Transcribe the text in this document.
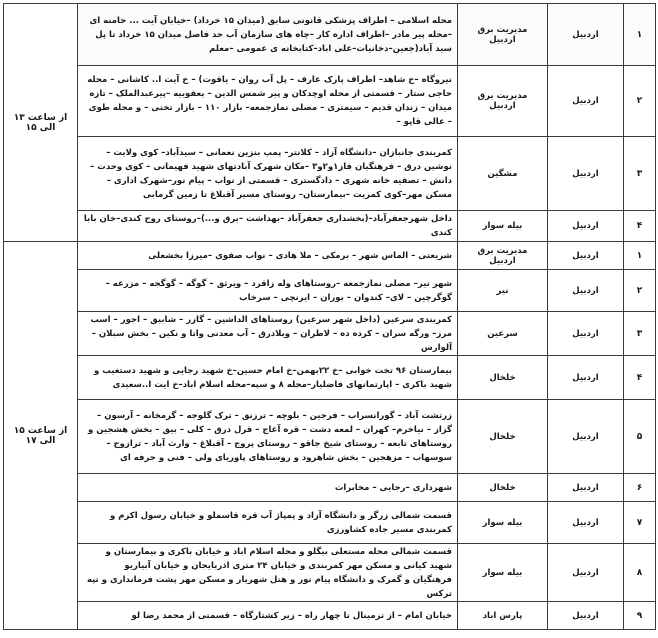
۱	اردبیل	مدیریت برق اردبیل	محله اسلامی – اطراف پزشکی قانونی سابق (میدان ۱۵ خرداد) –خیابان آیت ... خامنه ای –محله پیر مادر –اطراف اداره کار –چاه های سازمان آب حد فاصل میدان ۱۵ خرداد تا پل سید آباد(جعین–دخانیات–علی اباد–کتابخانه ی عمومی –معلم	از ساعت ۱۳ الی ۱۵
۲	اردبیل	مدیریت برق اردبیل	نیروگاه –خ شاهد– اطراف پارک عارف – پل آب روان – یاقوت) – خ آیت ا.. کاشانی – محله حاجی ستار – قسمتی از محله اوچدکان و پیر شمس الدین – یعقوبیه –پیرعبدالملک – تازه میدان – زندان قدیم – سیمتری – مصلی نمازجمعه– بازار ۱۱۰ – بازار تختی – و محله طوی – عالی قاپو –	
۳	اردبیل	مشگین	کمربندی جانبازان –دانشگاه آزاد – کلانتر– پمپ بنزین نعمانی – سیدآباد– کوی ولایت – نوشین درق – فرهنگیان فاز۱و۲و۳ –مکان شهرک آبادتهای شهید فهیمانی – کوی وحدت –دانش – تصفیه خانه شهری – دادگستری – قسمتی از نواب – پیام نور–شهرک اداری – مسکن مهر–کوی کمربت –بیمارستان– روستای مسیر آقبلاغ تا زمین گرمابی	
۴	اردبیل	بیله سوار	داخل شهرجعفرآباد–(بخشداری جعفرآباد –بهداشت –برق و...)–روستای روح کندی–خان بابا کندی	
۱	اردبیل	مدیریت برق اردبیل	شریعتی – الماس شهر – برمکی – ملا هادی – نواب صفوی –میرزا بخشعلی	از ساعت ۱۵ الی ۱۷
۲	اردبیل	نیر	شهر نیر– مصلی نمازجمعه –روستاهای وله زاقرد – ویرثق – گوگه – گوگجه – مزرعه – گوگرچین – لای– کندوان – بوران – ایرنچی – سرخاب	
۳	اردبیل	سرعین	کمربندی سرعین (داخل شهر سرعین) روستاهای الداشین – گازر – شابیق – اجور – اسب مرز– ورگه سران – کرده ده – لاطران – ویلادرق – آب معدنی واتا و نکین – بخش سبلان – آلوارس	
۴	اردبیل	خلخال	بیمارستان ۹۶ تخت خوابی –خ ۲۲بهمن–خ امام حسین–خ شهید رجایی و شهید دستغیب و شهید باکری – اپارتمانهای فاضلیار–محله ۸ و سپه–محله اسلام اباد–خ ایت ا..سعیدی	
۵	اردبیل	خلخال	زرتشت آباد – گورانسراب – فرجین – بلوچه – ترزنق – ترک گلوجه – گرمخانه – آرسون – گزاز – نیاخرم– کهران – لمعه دشت – قره آغاج – قرل درق – کلی – بیق – بخش هشجین و روستاهای تابعه – روستای شیخ جاقو – روستای پروج – آقبلاغ – وارث آباد – ترازوج – سوسهاب – مزهجین – بخش شاهرود و روستاهای پاوریای ولی – فنی و حرفه ای	
۶	اردبیل	خلخال	شهرداری –رجایی – مخابرات	
۷	اردبیل	بیله سوار	قسمت شمالی زرگر و دانشگاه آزاد و پمپاژ آب قره قاسملو و خیابان رسول اکرم و کمربندی مسیر جاده کشاورزی	
۸	اردبیل	بیله سوار	قسمت شمالی محله مستعلی بیگلو و محله اسلام اباد و خیابان باکری و بیمارستان و شهید کیانی و مسکن مهر کمربندی و خیابان ۲۴ متری اذربایجان و خیابان آبیاریو فرهنگیان و گمرک و دانشگاه پیام نور و هتل شهریار و مسکن مهر پشت فرمانداری و تپه ترکس	
۹	اردبیل	پارس اباد	خیابان امام – از ترمینال تا چهار راه – زیر کشتارگاه – قسمتی از محمد رضا لو	
